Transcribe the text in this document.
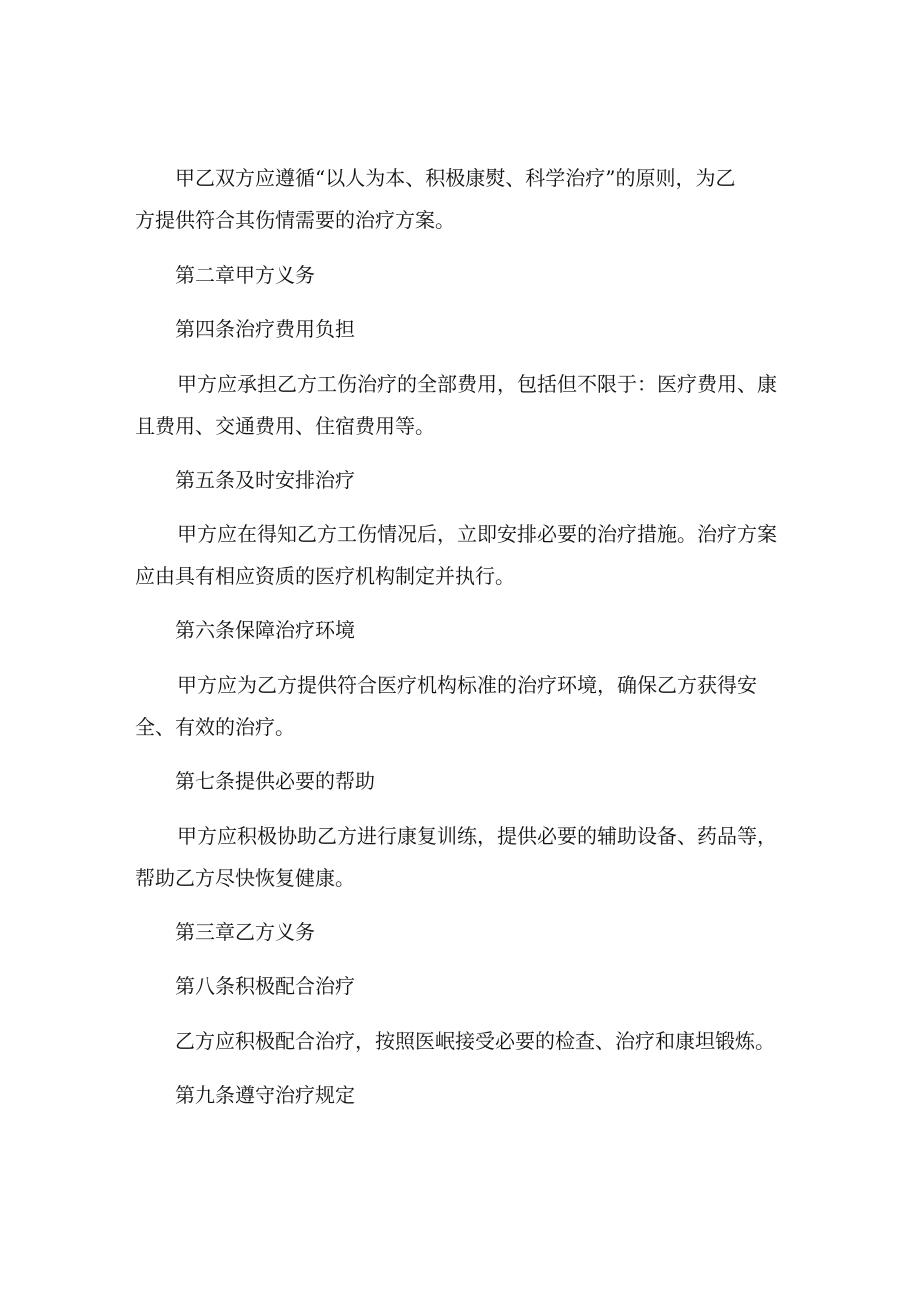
甲乙双方应遵循“以人为本、积极康熨、科学治疗”的原则，为乙
方提供符合其伤情需要的治疗方案。
第二章甲方义务
第四条治疗费用负担
甲方应承担乙方工伤治疗的全部费用，包括但不限于：医疗费用、康
且费用、交通费用、住宿费用等。
第五条及时安排治疗
甲方应在得知乙方工伤情况后，立即安排必要的治疗措施。治疗方案
应由具有相应资质的医疗机构制定并执行。
第六条保障治疗环境
甲方应为乙方提供符合医疗机构标准的治疗环境，确保乙方获得安
全、有效的治疗。
第七条提供必要的帮助
甲方应积极协助乙方进行康复训练，提供必要的辅助设备、药品等，
帮助乙方尽快恢复健康。
第三章乙方义务
第八条积极配合治疗
乙方应积极配合治疗，按照医岷接受必要的检查、治疗和康坦锻炼。
第九条遵守治疗规定
